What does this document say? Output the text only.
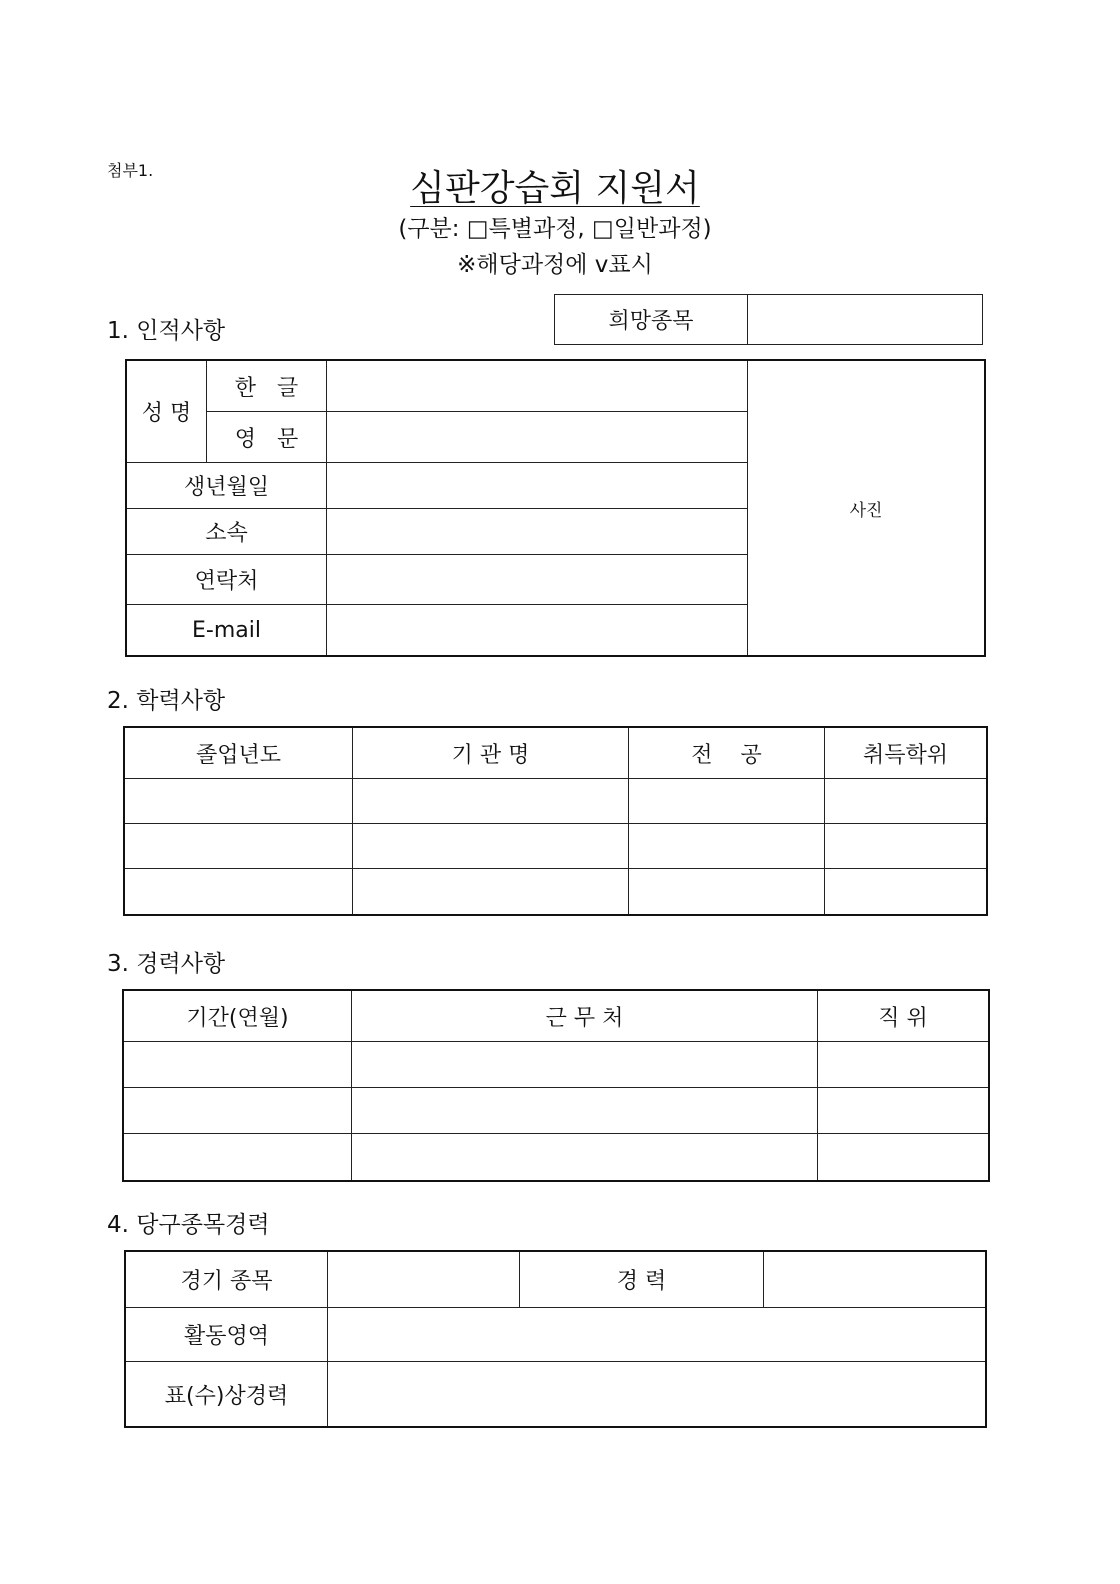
첨부1.	심판강습회 지원서
(구분: □특별과정, □일반과정)
※해당과정에 v표시
희망종목	
1. 인적사항
성 명	한   글		사진
	영   문		
생년월일			
소속			
연락처			
E-mail			
2. 학력사항
졸업년도	기 관 명	전    공	취득학위

3. 경력사항
기간(연월)	근 무 처	직 위

4. 당구종목경력
경기 종목		경 력	
활동영역			
표(수)상경력			
